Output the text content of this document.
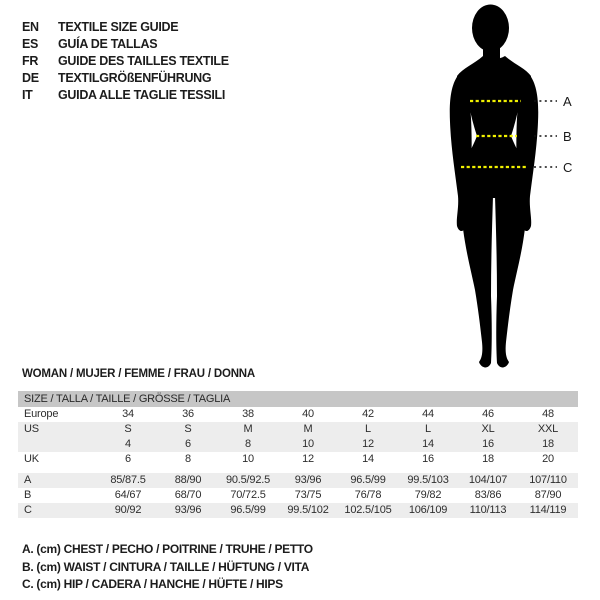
EN	TEXTILE SIZE GUIDE
ES	GUÍA DE TALLAS
FR	GUIDE DES TAILLES TEXTILE
DE	TEXTILGRÖßENFÜHRUNG
IT	GUIDA ALLE TAGLIE TESSILI	A
B
C
WOMAN / MUJER / FEMME / FRAU / DONNA
SIZE / TALLA / TAILLE / GRÖSSE / TAGLIA
Europe	34	36	38	40	42	44	46	48
US	S	S	M	M	L	L	XL	XXL
4	6	8	10	12	14	16	18
UK	6	8	10	12	14	16	18	20
A	85/87.5	88/90	90.5/92.5	93/96	96.5/99	99.5/103	104/107	107/110
B	64/67	68/70	70/72.5	73/75	76/78	79/82	83/86	87/90
C	90/92	93/96	96.5/99	99.5/102	102.5/105	106/109	110/113	114/119
A. (cm) CHEST / PECHO / POITRINE / TRUHE / PETTO
B. (cm) WAIST / CINTURA / TAILLE / HÜFTUNG / VITA
C. (cm) HIP / CADERA / HANCHE / HÜFTE / HIPS
